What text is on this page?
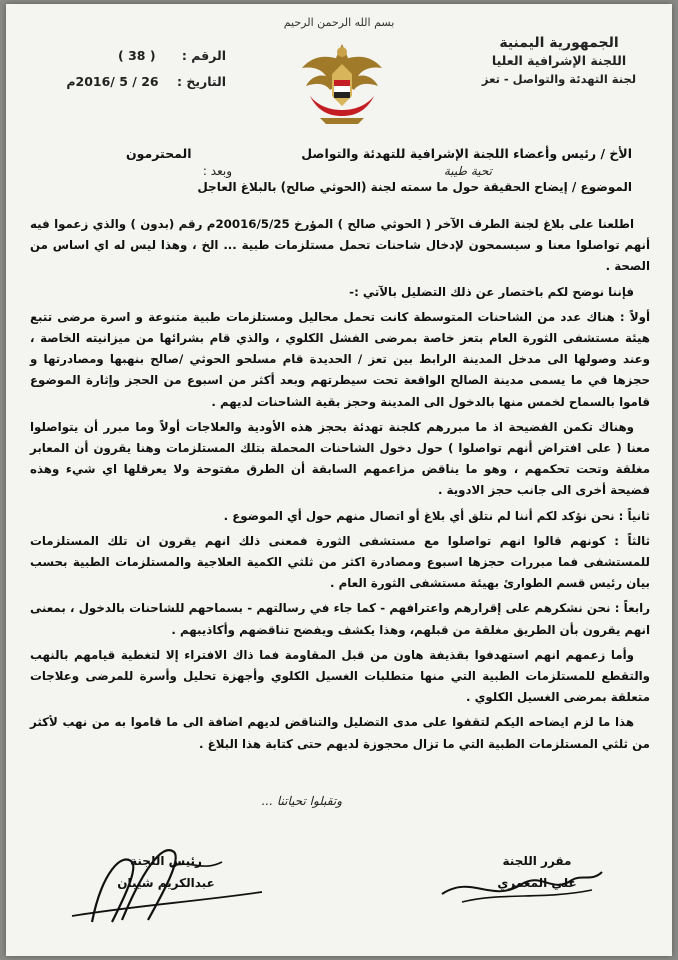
بسم الله الرحمن الرحيم
الجمهورية اليمنية
اللجنة الإشرافية العليا
لجنة التهدئة والتواصل - تعز
الرقم : ( 38 )
التاريخ : 26 / 5 /2016م
الأخ / رئيس وأعضاء اللجنة الإشرافية للتهدئة والتواصل
المحترمون
تحية طيبة
وبعد :
الموضوع / إيضاح الحقيقة حول ما سمته لجنة (الحوثي صالح) بالبلاغ العاجل

اطلعنا على بلاغ لجنة الطرف الآخر ( الحوثي صالح ) المؤرخ 20016/5/25م رقم (بدون ) والذي زعموا فيه أنهم تواصلوا معنا و سيسمحون لإدخال شاحنات تحمل مستلزمات طبية ... الخ ، وهذا ليس له اي اساس من الصحة .

فإننا نوضح لكم باختصار عن ذلك التضليل بالآتي :-

أولاً : هناك عدد من الشاحنات المتوسطة كانت تحمل محاليل ومستلزمات طبية متنوعة و اسرة مرضى تتبع هيئة مستشفى الثورة العام بتعز خاصة بمرضى الفشل الكلوي ، والذي قام بشرائها من ميزانيته الخاصة ، وعند وصولها الى مدخل المدينة الرابط بين تعز / الحديدة قام مسلحو الحوثي /صالح بنهبها ومصادرتها و حجزها في ما يسمى مدينة الصالح الواقعة تحت سيطرتهم وبعد أكثر من اسبوع من الحجز وإثارة الموضوع قاموا بالسماح لخمس منها بالدخول الى المدينة وحجز بقية الشاحنات لديهم .

وهناك تكمن الفضيحة اذ ما مبررهم كلجنة تهدئة بحجز هذه الأودية والعلاجات أولاً وما مبرر أن يتواصلوا معنا ( على افتراض أنهم تواصلوا ) حول دخول الشاحنات المحملة بتلك المستلزمات وهنا يقرون أن المعابر مغلقة وتحت تحكمهم ، وهو ما يناقض مزاعمهم السابقة أن الطرق مفتوحة ولا يعرقلها اي شيء وهذه فضيحة أخرى الى جانب حجز الادوية .

ثانياً : نحن نؤكد لكم أننا لم نتلق أي بلاغ أو اتصال منهم حول أي الموضوع .

ثالثاً : كونهم قالوا انهم تواصلوا مع مستشفى الثورة فمعنى ذلك انهم يقرون ان تلك المستلزمات للمستشفى فما مبررات حجزها اسبوع ومصادرة اكثر من ثلثي الكمية العلاجية والمستلزمات الطبية بحسب بيان رئيس قسم الطوارئ بهيئة مستشفى الثورة العام .

رابعاً : نحن نشكرهم على إقرارهم واعترافهم - كما جاء في رسالتهم - بسماحهم للشاحنات بالدخول ، بمعنى انهم يقرون بأن الطريق مغلقة من قبلهم، وهذا يكشف ويفضح تناقضهم وأكاذيبهم .

وأما زعمهم انهم استهدفوا بقذيفة هاون من قبل المقاومة فما ذاك الافتراء إلا لتغطية قيامهم بالنهب والتقطع للمستلزمات الطبية التي منها متطلبات الغسيل الكلوي وأجهزة تحليل وأسرة للمرضى وعلاجات متعلقة بمرضى الغسيل الكلوي .

هذا ما لزم ايضاحه اليكم لتقفوا على مدى التضليل والتناقض لديهم اضافة الى ما قاموا به من نهب لأكثر من ثلثي المستلزمات الطبية التي ما تزال محجوزة لديهم حتى كتابة هذا البلاغ .

وتقبلوا تحياتنا ...
مقرر اللجنة
علي المعمري
رئيس اللجنة
عبدالكريم شيبان
